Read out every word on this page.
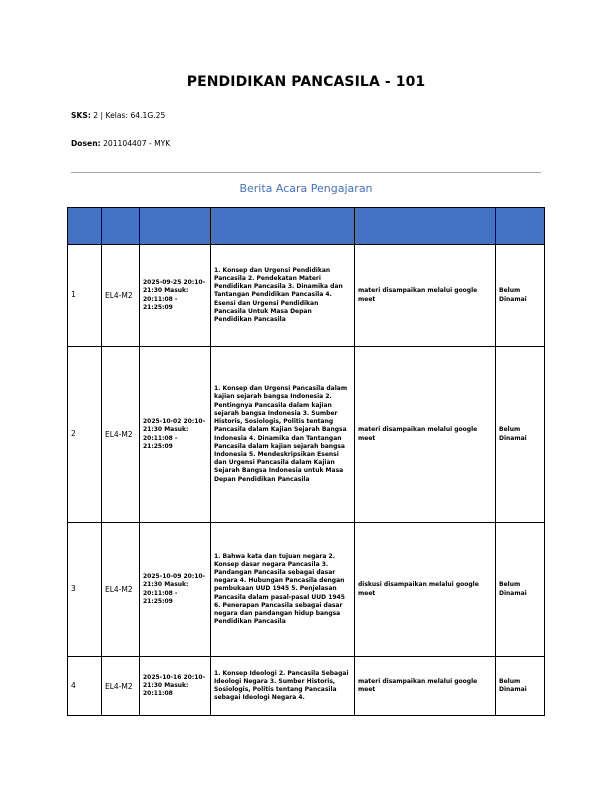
PENDIDIKAN PANCASILA - 101
SKS: 2 | Kelas: 64.1G.25
Dosen: 201104407 - MYK
Berita Acara Pengajaran

1	EL4-M2	2025-09-25 20:10-21:30 Masuk: 20:11:08 - 21:25:09	1. Konsep dan Urgensi Pendidikan Pancasila 2. Pendekatan Materi Pendidikan Pancasila 3. Dinamika dan Tantangan Pendidikan Pancasila 4. Esensi dan Urgensi Pendidikan Pancasila Untuk Masa Depan Pendidikan Pancasila	materi disampaikan melalui google meet	Belum Dinamai
2	EL4-M2	2025-10-02 20:10-21:30 Masuk: 20:11:08 - 21:25:09	1. Konsep dan Urgensi Pancasila dalam kajian sejarah bangsa Indonesia 2. Pentingnya Pancasila dalam kajian sejarah bangsa Indonesia 3. Sumber Historis, Sosiologis, Politis tentang Pancasila dalam Kajian Sejarah Bangsa Indonesia 4. Dinamika dan Tantangan Pancasila dalam kajian sejarah bangsa Indonesia 5. Mendeskripsikan Esensi dan Urgensi Pancasila dalam Kajian Sejarah Bangsa Indonesia untuk Masa Depan Pendidikan Pancasila	materi disampaikan melalui google meet	Belum Dinamai
3	EL4-M2	2025-10-09 20:10-21:30 Masuk: 20:11:08 - 21:25:09	1. Bahwa kata dan tujuan negara 2. Konsep dasar negara Pancasila 3. Pandangan Pancasila sebagai dasar negara 4. Hubungan Pancasila dengan pembukaan UUD 1945 5. Penjelasan Pancasila dalam pasal-pasal UUD 1945 6. Penerapan Pancasila sebagai dasar negara dan pandangan hidup bangsa Pendidikan Pancasila	diskusi disampaikan melalui google meet	Belum Dinamai
4	EL4-M2	2025-10-16 20:10-21:30 Masuk: 20:11:08	1. Konsep Ideologi 2. Pancasila Sebagai Ideologi Negara 3. Sumber Historis, Sosiologis, Politis tentang Pancasila sebagai Ideologi Negara 4.	materi disampaikan melalui google meet	Belum Dinamai
